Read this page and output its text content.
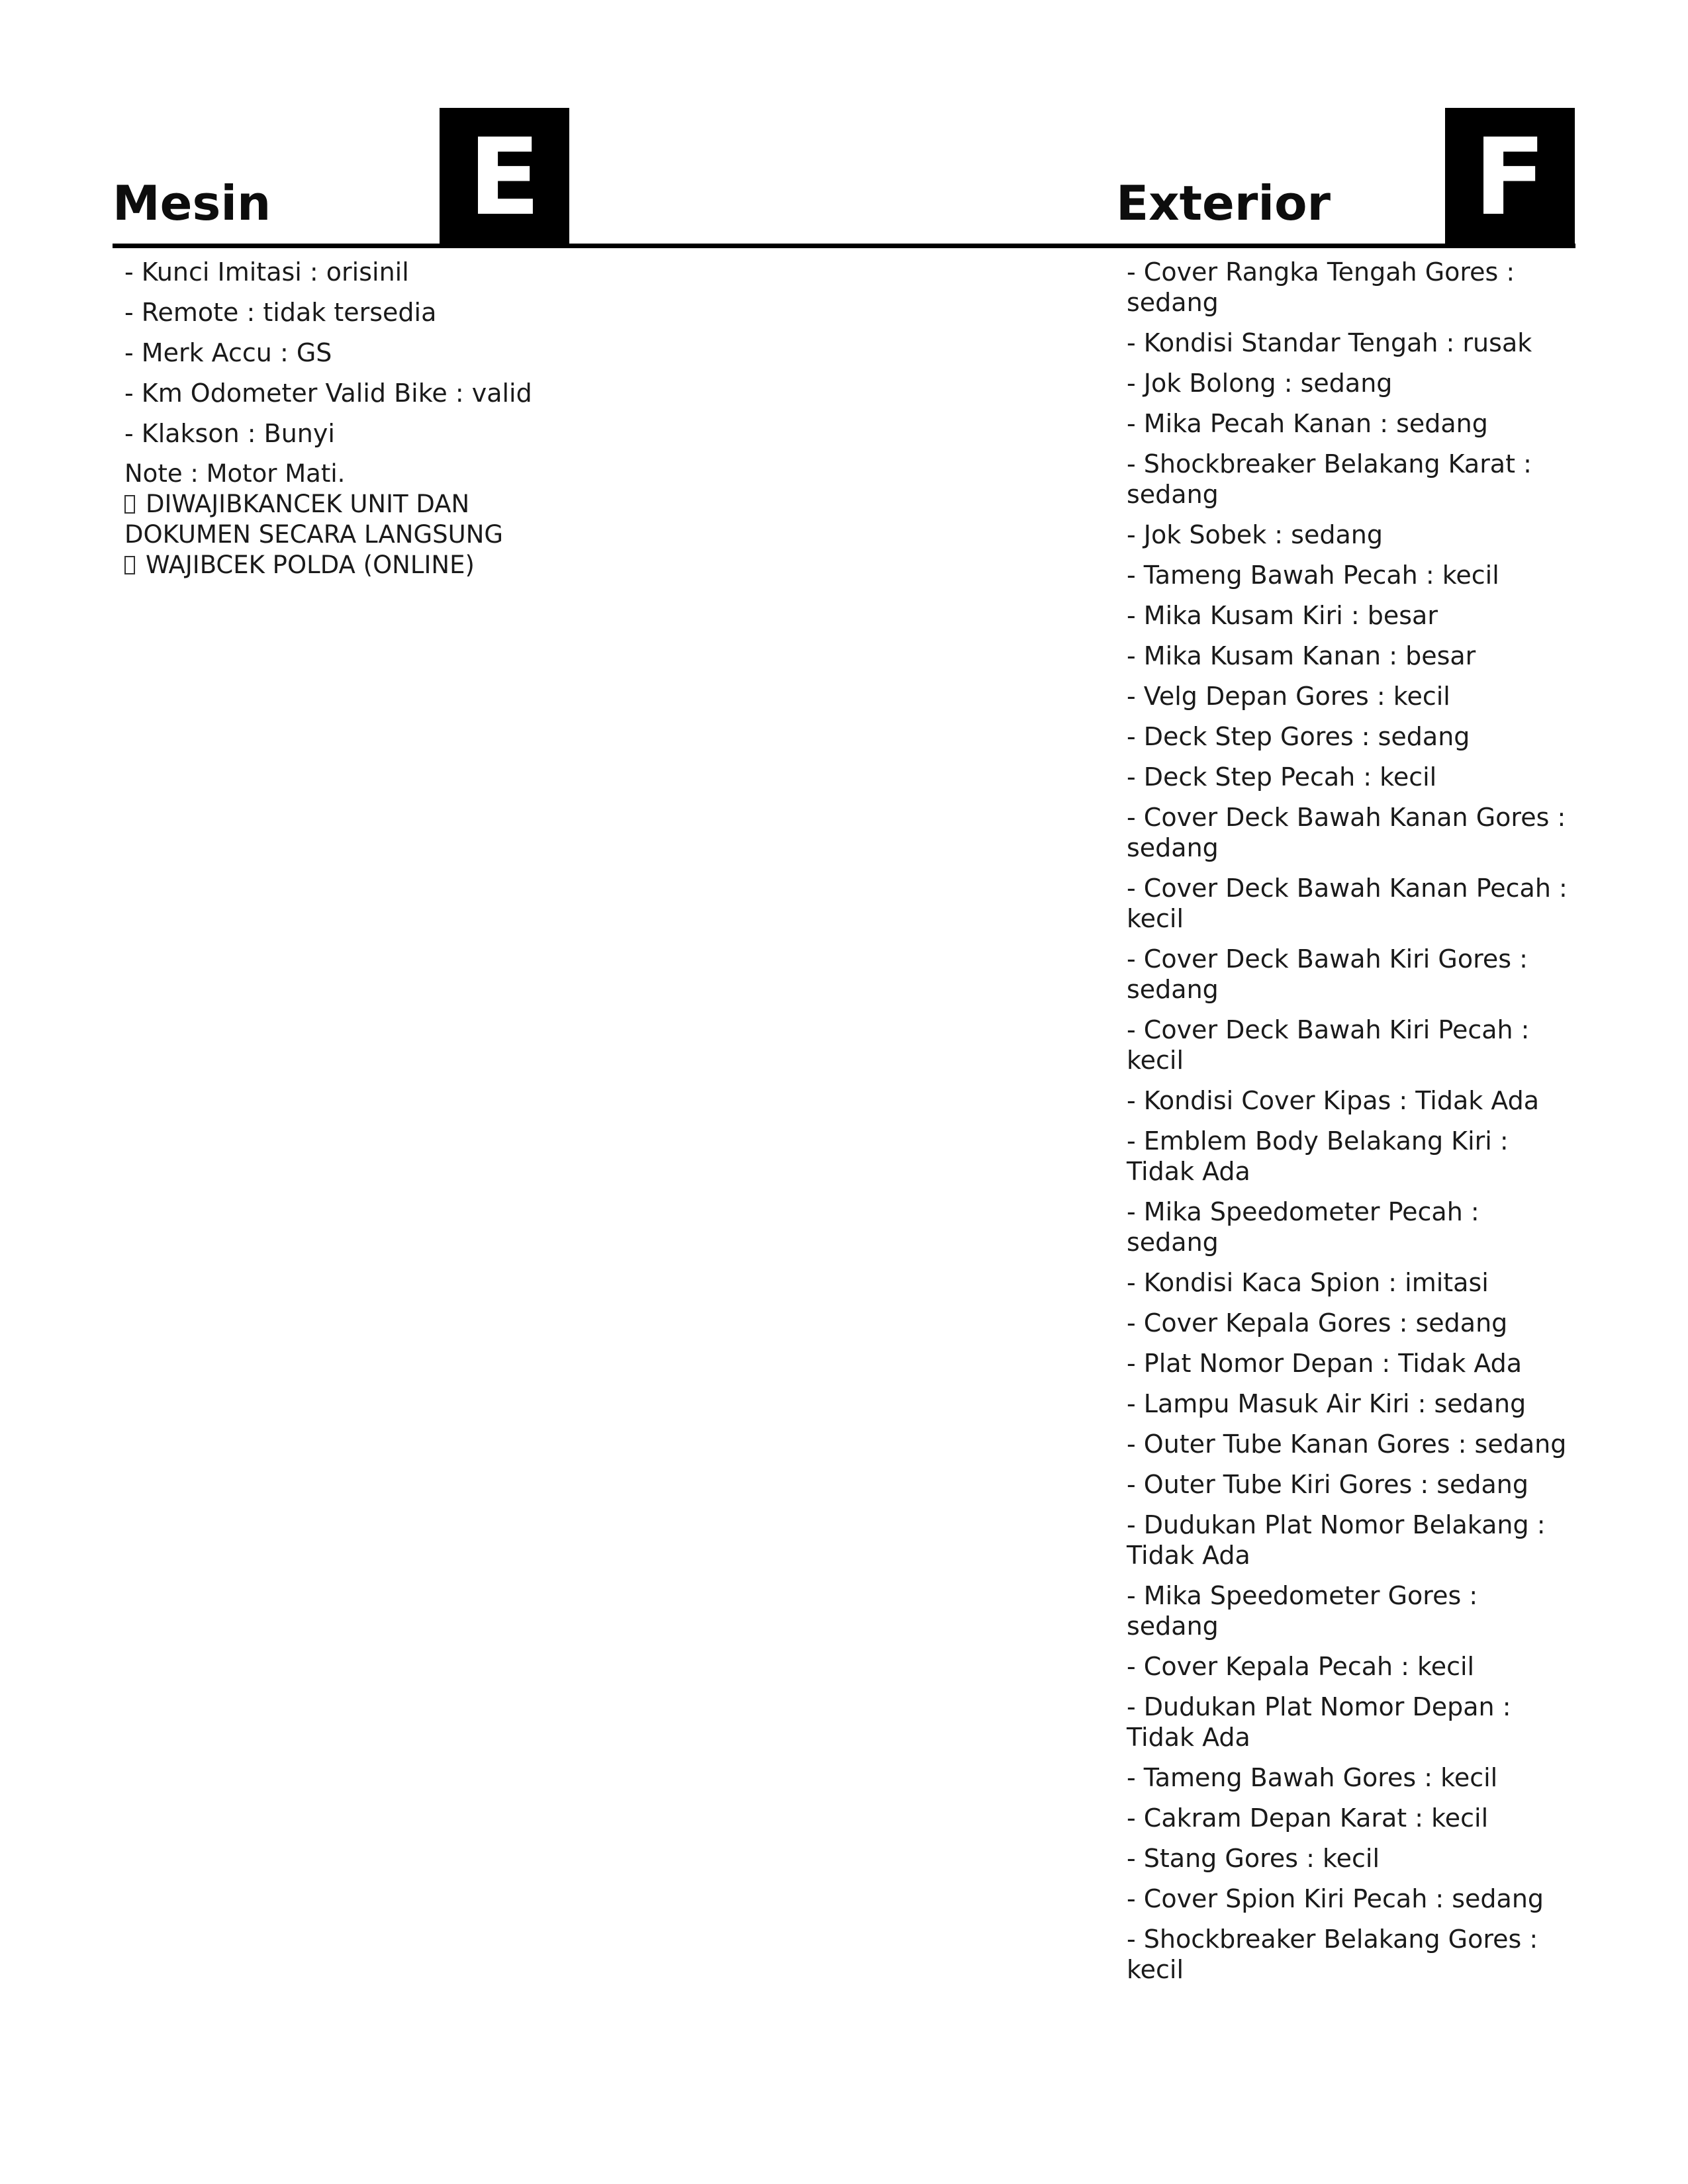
Mesin E	Exterior F
- Kunci Imitasi : orisinil
- Remote : tidak tersedia
- Merk Accu : GS
- Km Odometer Valid Bike : valid
- Klakson : Bunyi
Note : Motor Mati.
DIWAJIBKANCEK UNIT DAN
DOKUMEN SECARA LANGSUNG
WAJIBCEK POLDA (ONLINE)
- Cover Rangka Tengah Gores : sedang
- Kondisi Standar Tengah : rusak
- Jok Bolong : sedang
- Mika Pecah Kanan : sedang
- Shockbreaker Belakang Karat : sedang
- Jok Sobek : sedang
- Tameng Bawah Pecah : kecil
- Mika Kusam Kiri : besar
- Mika Kusam Kanan : besar
- Velg Depan Gores : kecil
- Deck Step Gores : sedang
- Deck Step Pecah : kecil
- Cover Deck Bawah Kanan Gores : sedang
- Cover Deck Bawah Kanan Pecah : kecil
- Cover Deck Bawah Kiri Gores : sedang
- Cover Deck Bawah Kiri Pecah : kecil
- Kondisi Cover Kipas : Tidak Ada
- Emblem Body Belakang Kiri : Tidak Ada
- Mika Speedometer Pecah : sedang
- Kondisi Kaca Spion : imitasi
- Cover Kepala Gores : sedang
- Plat Nomor Depan : Tidak Ada
- Lampu Masuk Air Kiri : sedang
- Outer Tube Kanan Gores : sedang
- Outer Tube Kiri Gores : sedang
- Dudukan Plat Nomor Belakang : Tidak Ada
- Mika Speedometer Gores : sedang
- Cover Kepala Pecah : kecil
- Dudukan Plat Nomor Depan : Tidak Ada
- Tameng Bawah Gores : kecil
- Cakram Depan Karat : kecil
- Stang Gores : kecil
- Cover Spion Kiri Pecah : sedang
- Shockbreaker Belakang Gores : kecil
